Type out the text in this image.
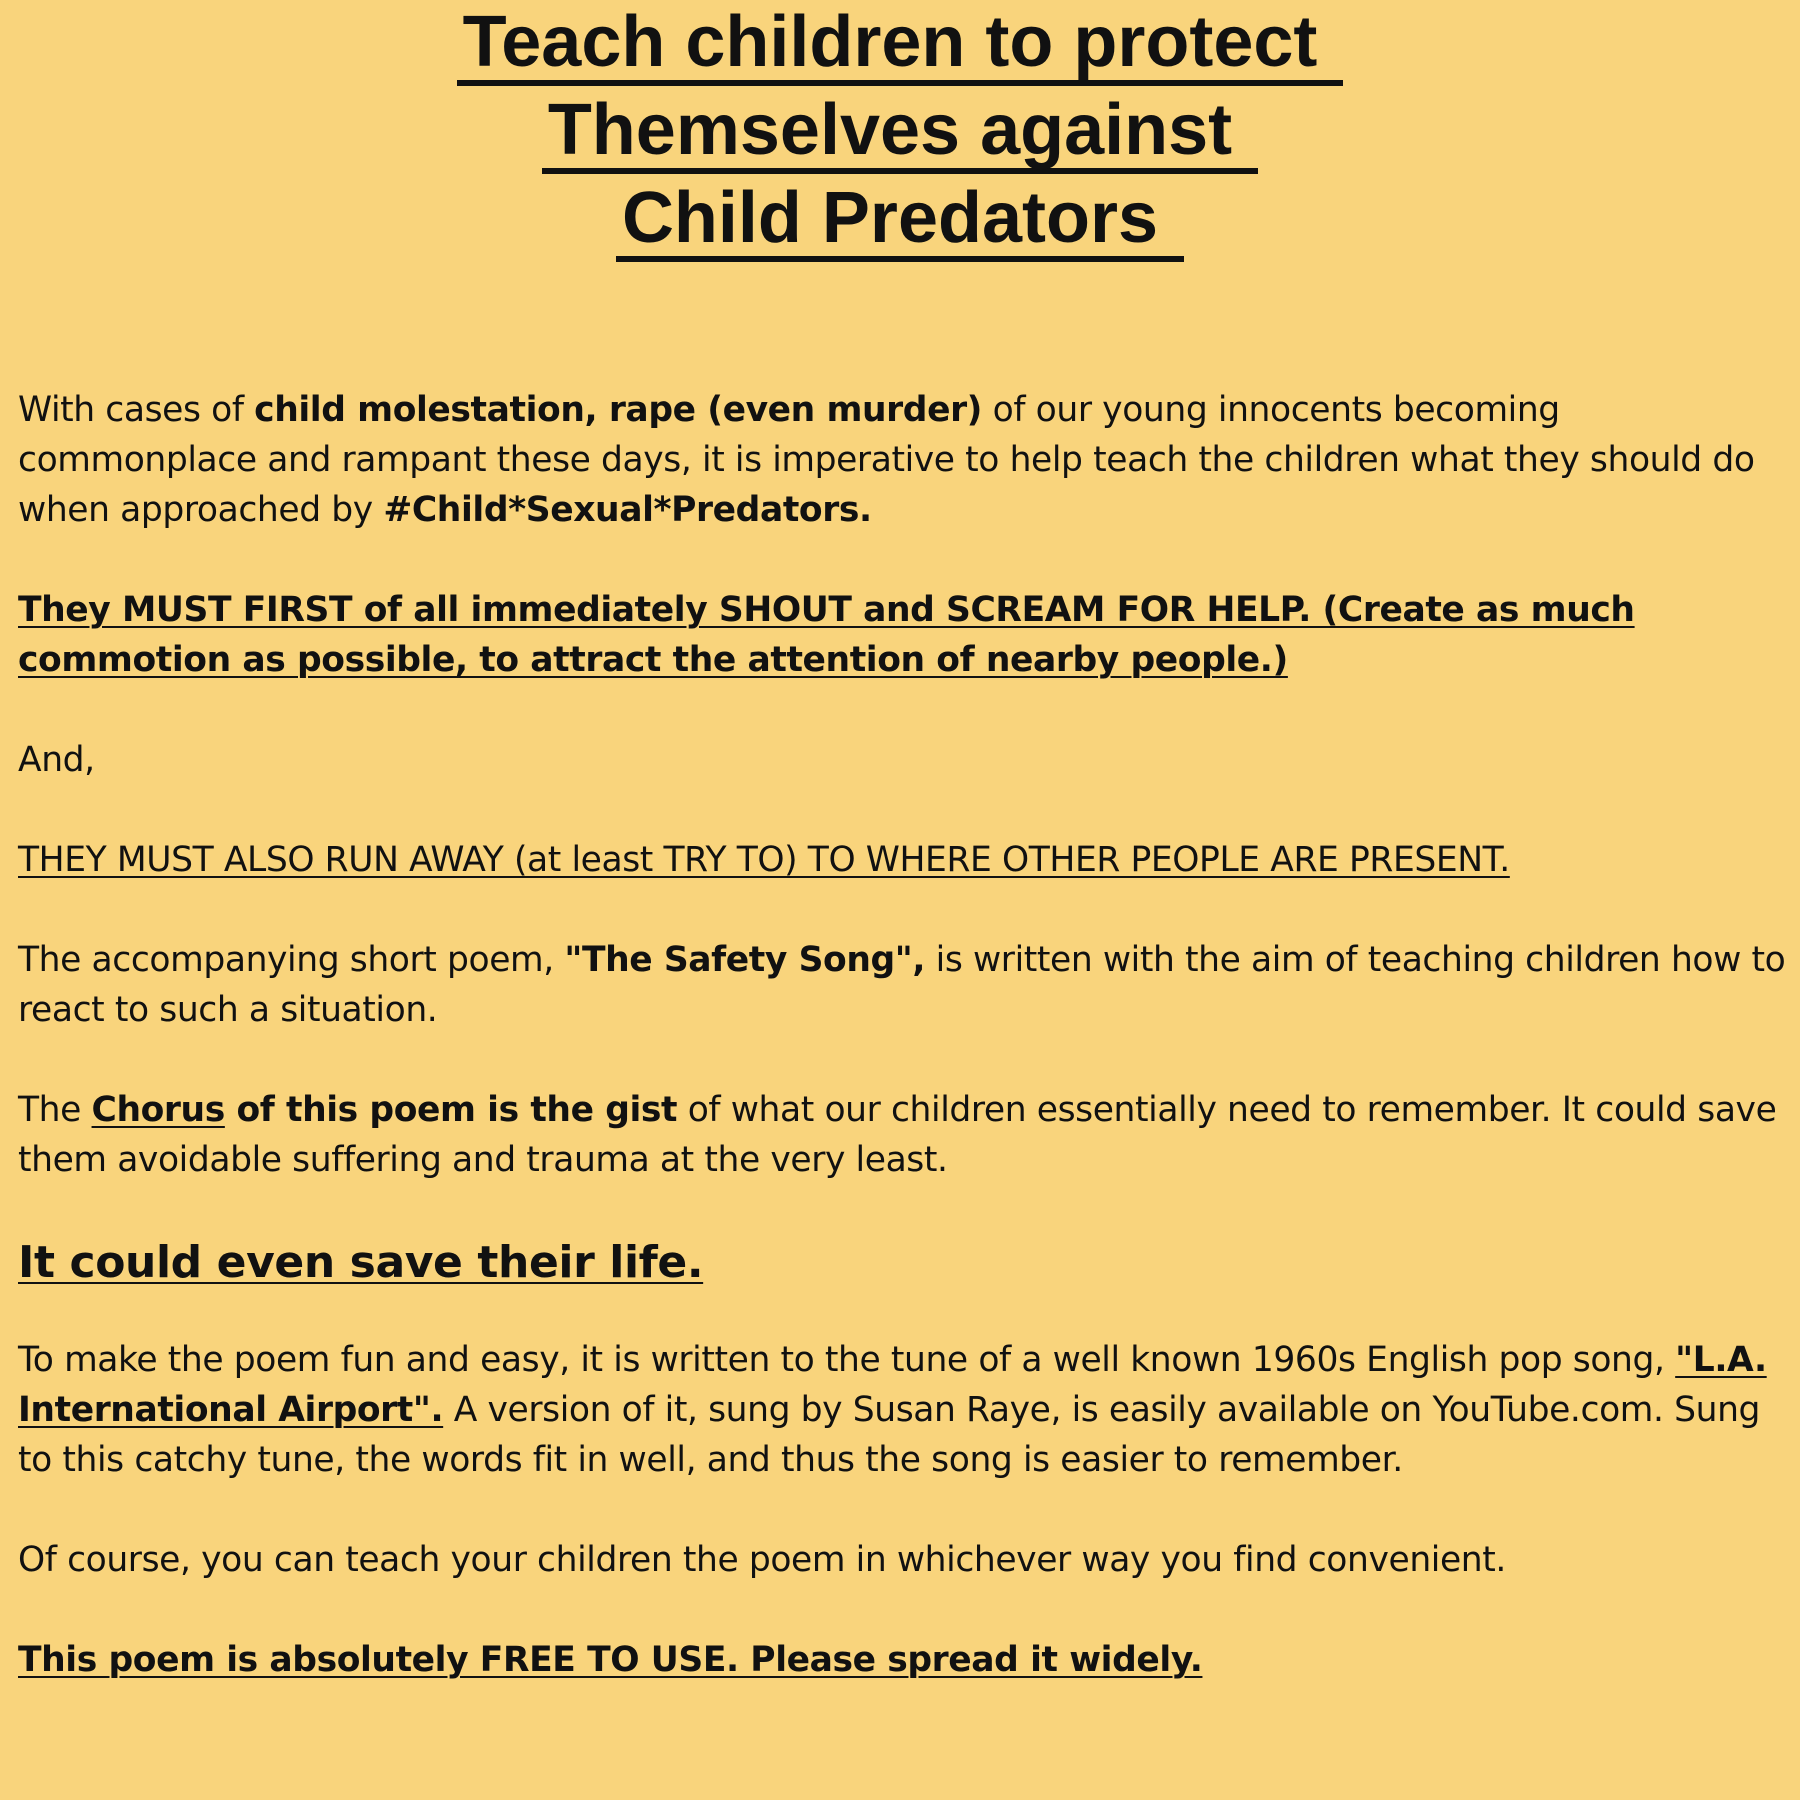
Teach children to protect
Themselves against
Child Predators

With cases of child molestation, rape (even murder) of our young innocents becoming commonplace and rampant these days, it is imperative to help teach the children what they should do when approached by #Child*Sexual*Predators.

They MUST FIRST of all immediately SHOUT and SCREAM FOR HELP. (Create as much commotion as possible, to attract the attention of nearby people.)

And,

THEY MUST ALSO RUN AWAY (at least TRY TO) TO WHERE OTHER PEOPLE ARE PRESENT.

The accompanying short poem, "The Safety Song", is written with the aim of teaching children how to react to such a situation.

The Chorus of this poem is the gist of what our children essentially need to remember. It could save them avoidable suffering and trauma at the very least.

It could even save their life.

To make the poem fun and easy, it is written to the tune of a well known 1960s English pop song, "L.A. International Airport". A version of it, sung by Susan Raye, is easily available on YouTube.com. Sung to this catchy tune, the words fit in well, and thus the song is easier to remember.

Of course, you can teach your children the poem in whichever way you find convenient.

This poem is absolutely FREE TO USE. Please spread it widely.
